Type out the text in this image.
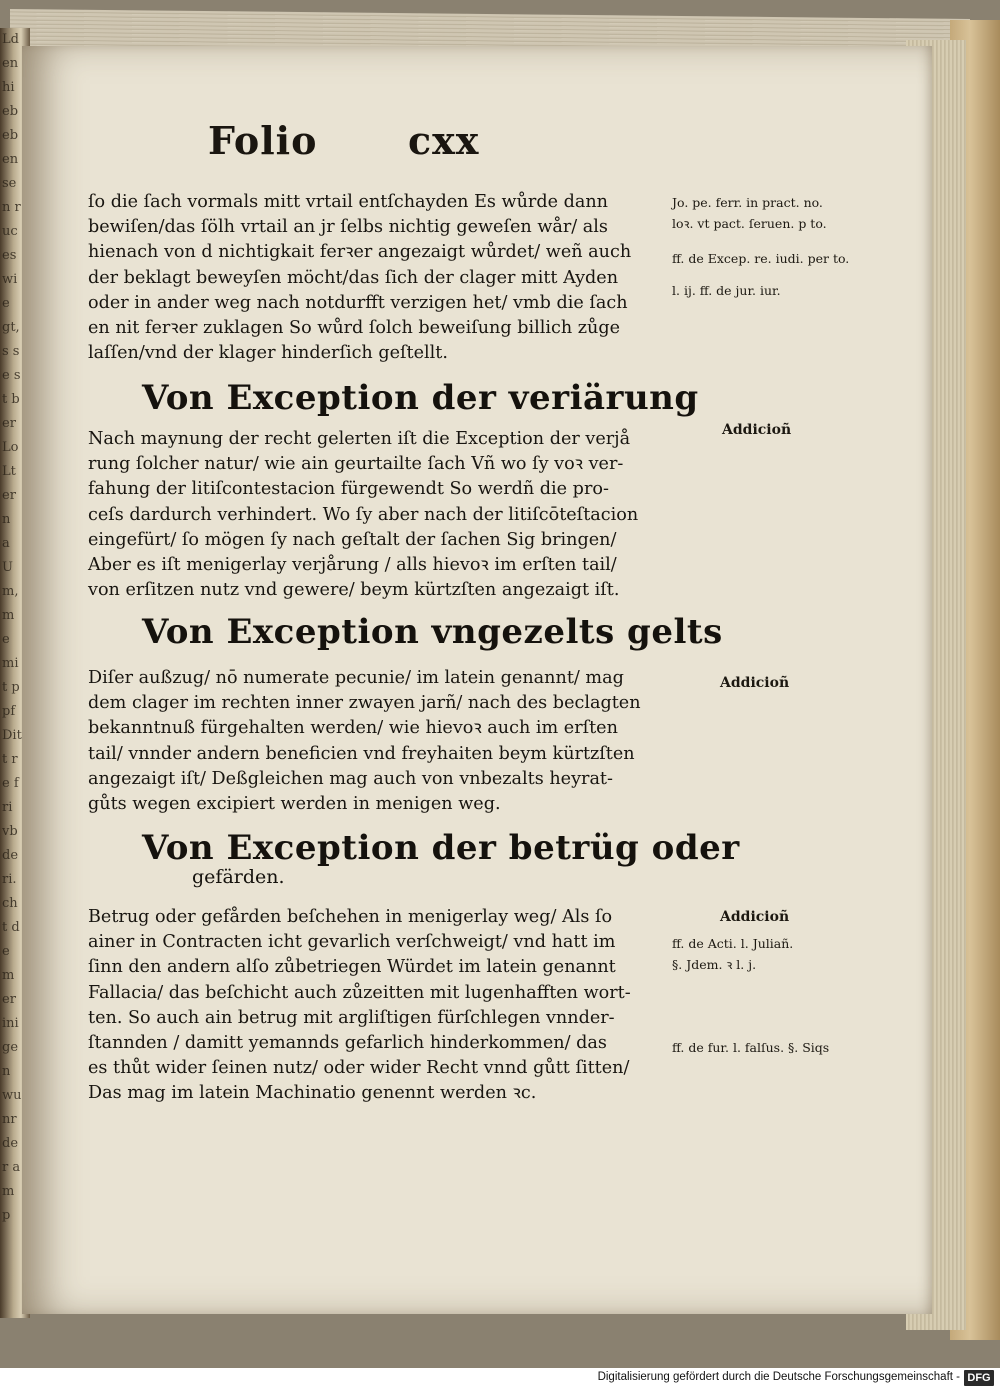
Lden hieb eben sen ruc es wie gt, s se st ber Lo Ltern a Um, me mit ppf Ditt re fri vb de ri. cht dem er ini gen wu nr der amp
Folio cxx
ſo die ſach vormals mitt vrtail entſchayden Es wůrde dann
bewiſen/das ſölh vrtail an jr ſelbs nichtig geweſen wår/ als
hienach von d nichtigkait ferꝛer angezaigt wůrdet/ weñ auch
der beklagt beweyſen möcht/das ſich der clager mitt Ayden
oder in ander weg nach notdurfft verzigen het/ vmb die ſach
en nit ferꝛer zuklagen So wůrd ſolch beweiſung billich zůge
laſſen/vnd der klager hinderſich geſtellt.
Von Exception der veriärung
Nach maynung der recht gelerten iſt die Exception der verjå
rung ſolcher natur/ wie ain geurtailte ſach Vñ wo ſy voꝛ ver-
fahung der litiſcontestacion fürgewendt So werdñ die pro-
ceſs dardurch verhindert. Wo ſy aber nach der litiſcōteſtacion
eingefürt/ ſo mögen ſy nach geſtalt der ſachen Sig bringen/
Aber es iſt menigerlay verjårung / alls hievoꝛ im erſten tail/
von erſitzen nutz vnd gewere/ beym kürtzſten angezaigt iſt.
Von Exception vngezelts gelts
Diſer außzug/ nō numerate pecunie/ im latein genannt/ mag
dem clager im rechten inner zwayen jarñ/ nach des beclagten
bekanntnuß fürgehalten werden/ wie hievoꝛ auch im erſten
tail/ vnnder andern beneficien vnd freyhaiten beym kürtzſten
angezaigt iſt/ Deßgleichen mag auch von vnbezalts heyrat-
gůts wegen excipiert werden in menigen weg.
Von Exception der betrüg oder
gefärden.
Betrug oder gefården beſchehen in menigerlay weg/ Als ſo
ainer in Contracten icht gevarlich verſchweigt/ vnd hatt im
ſinn den andern alſo zůbetriegen Würdet im latein genannt
Fallacia/ das beſchicht auch zůzeitten mit lugenhafften wort-
ten. So auch ain betrug mit argliſtigen fürſchlegen vnnder-
ſtannden / damitt yemannds gefarlich hinderkommen/ das
es thůt wider ſeinen nutz/ oder wider Recht vnnd gůtt ſitten/
Das mag im latein Machinatio genennt werden ꝛc.
Jo. pe. ferr. in pract. no.
loꝛ. vt pact. ſeruen. p to.
ff. de Excep. re. iudi. per to.
l. ij. ff. de jur. iur.
Addicioñ
Addicioñ
Addicioñ
ff. de Acti. l. Juliañ.
§. Jdem. ꝛ l. j.
ff. de fur. l. falſus. §. Siqs
Digitalisierung gefördert durch die Deutsche Forschungsgemeinschaft - DFG
